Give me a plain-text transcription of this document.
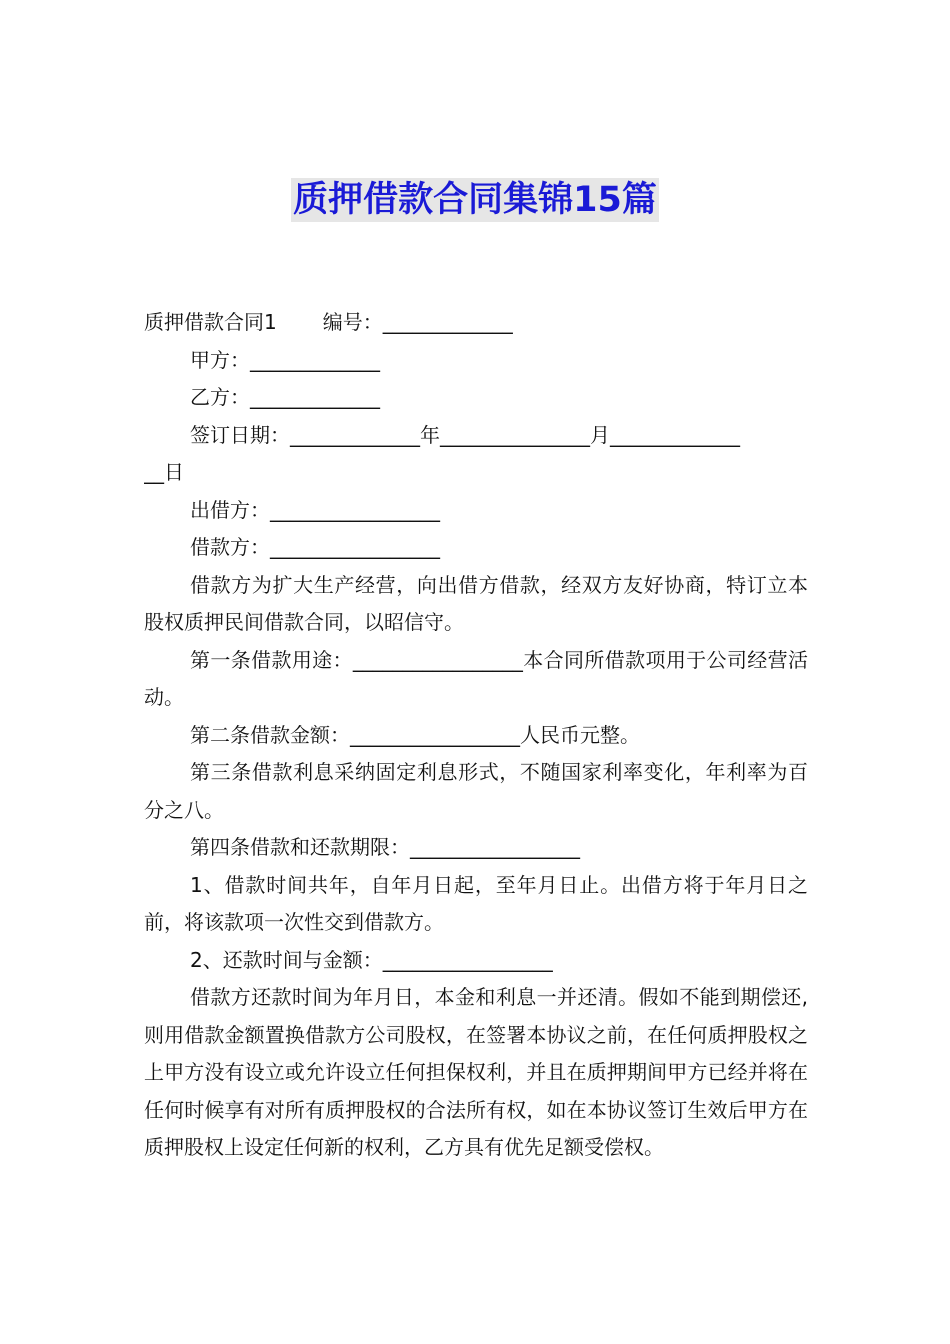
质押借款合同集锦15篇
质押借款合同1 编号：_____________
甲方：_____________
乙方：_____________
签订日期：_____________年_______________月_____________
__日
出借方：_________________
借款方：_________________
借款方为扩大生产经营，向出借方借款，经双方友好协商，特订立本股权质押民间借款合同，以昭信守。
第一条借款用途：_________________本合同所借款项用于公司经营活动。
第二条借款金额：_________________人民币元整。
第三条借款利息采纳固定利息形式，不随国家利率变化，年利率为百分之八。
第四条借款和还款期限：_________________
1、借款时间共年，自年月日起，至年月日止。出借方将于年月日之前，将该款项一次性交到借款方。
2、还款时间与金额：_________________
借款方还款时间为年月日，本金和利息一并还清。假如不能到期偿还,则用借款金额置换借款方公司股权，在签署本协议之前，在任何质押股权之上甲方没有设立或允许设立任何担保权利，并且在质押期间甲方已经并将在任何时候享有对所有质押股权的合法所有权，如在本协议签订生效后甲方在质押股权上设定任何新的权利，乙方具有优先足额受偿权。
